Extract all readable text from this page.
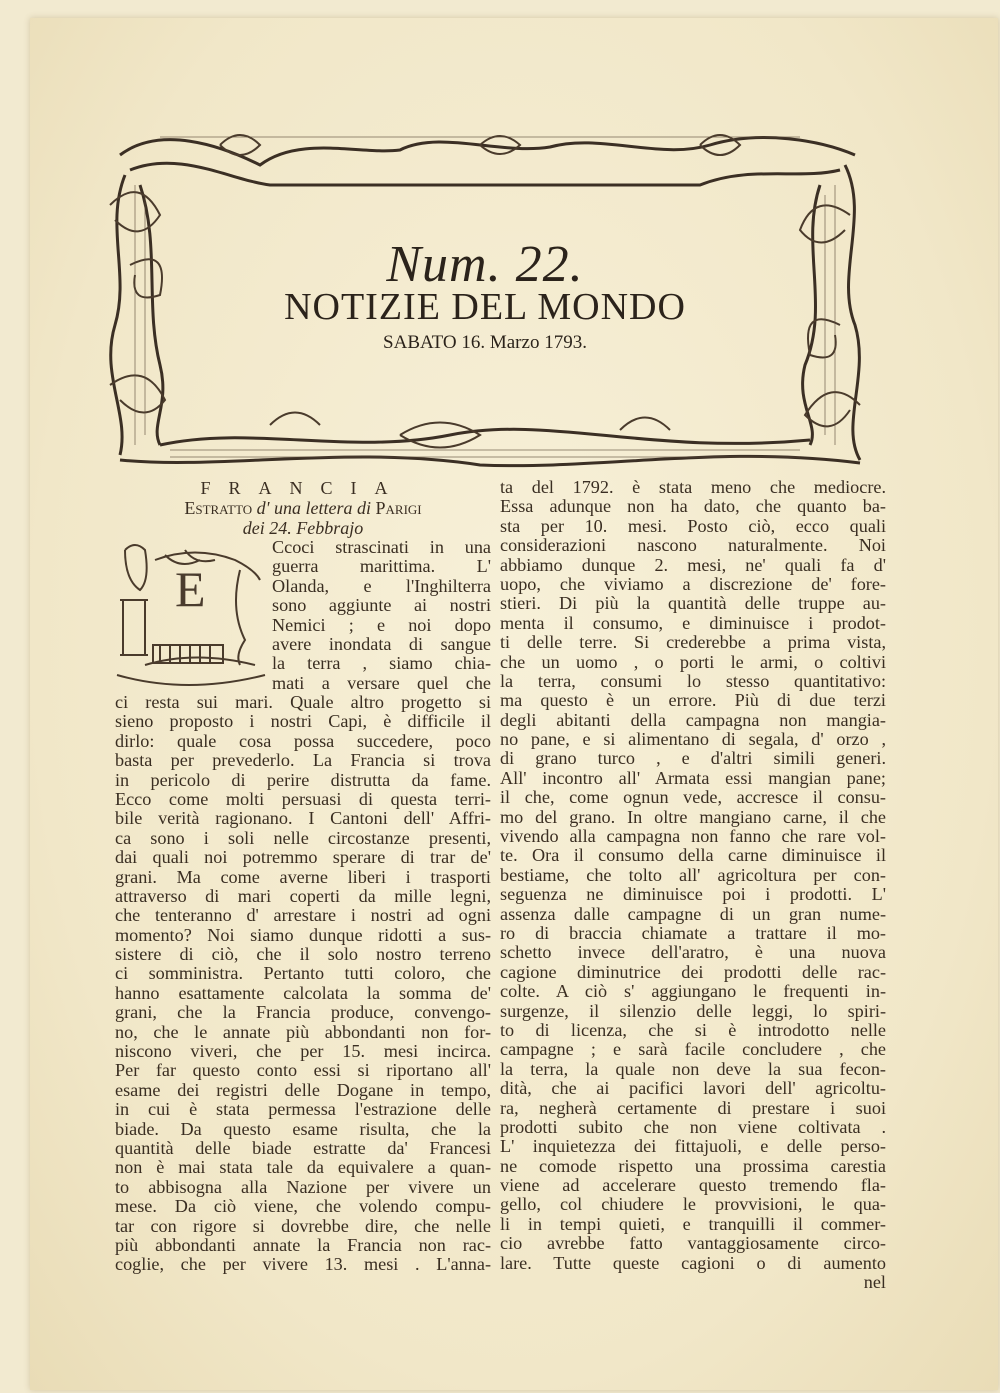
Num. 22.
NOTIZIE DEL MONDO
SABATO 16. Marzo 1793.
FRANCIA
Estratto d' una lettera di Parigi
dei 24. Febbrajo
E
Ccoci strascinati in una
guerra marittima. L'
Olanda, e l'Inghilterra
sono aggiunte ai nostri
Nemici ; e noi dopo
avere inondata di sangue
la terra , siamo chia-
mati a versare quel che
ci resta sui mari. Quale altro progetto si
sieno proposto i nostri Capi, è difficile il
dirlo: quale cosa possa succedere, poco
basta per prevederlo. La Francia si trova
in pericolo di perire distrutta da fame.
Ecco come molti persuasi di questa terri-
bile verità ragionano. I Cantoni dell' Affri-
ca sono i soli nelle circostanze presenti,
dai quali noi potremmo sperare di trar de'
grani. Ma come averne liberi i trasporti
attraverso di mari coperti da mille legni,
che tenteranno d' arrestare i nostri ad ogni
momento? Noi siamo dunque ridotti a sus-
sistere di ciò, che il solo nostro terreno
ci somministra. Pertanto tutti coloro, che
hanno esattamente calcolata la somma de'
grani, che la Francia produce, convengo-
no, che le annate più abbondanti non for-
niscono viveri, che per 15. mesi incirca.
Per far questo conto essi si riportano all'
esame dei registri delle Dogane in tempo,
in cui è stata permessa l'estrazione delle
biade. Da questo esame risulta, che la
quantità delle biade estratte da' Francesi
non è mai stata tale da equivalere a quan-
to abbisogna alla Nazione per vivere un
mese. Da ciò viene, che volendo compu-
tar con rigore si dovrebbe dire, che nelle
più abbondanti annate la Francia non rac-
coglie, che per vivere 13. mesi . L'anna-
ta del 1792. è stata meno che mediocre.
Essa adunque non ha dato, che quanto ba-
sta per 10. mesi. Posto ciò, ecco quali
considerazioni nascono naturalmente. Noi
abbiamo dunque 2. mesi, ne' quali fa d'
uopo, che viviamo a discrezione de' fore-
stieri. Di più la quantità delle truppe au-
menta il consumo, e diminuisce i prodot-
ti delle terre. Si crederebbe a prima vista,
che un uomo , o porti le armi, o coltivi
la terra, consumi lo stesso quantitativo:
ma questo è un errore. Più di due terzi
degli abitanti della campagna non mangia-
no pane, e si alimentano di segala, d' orzo ,
di grano turco , e d'altri simili generi.
All' incontro all' Armata essi mangian pane;
il che, come ognun vede, accresce il consu-
mo del grano. In oltre mangiano carne, il che
vivendo alla campagna non fanno che rare vol-
te. Ora il consumo della carne diminuisce il
bestiame, che tolto all' agricoltura per con-
seguenza ne diminuisce poi i prodotti. L'
assenza dalle campagne di un gran nume-
ro di braccia chiamate a trattare il mo-
schetto invece dell'aratro, è una nuova
cagione diminutrice dei prodotti delle rac-
colte. A ciò s' aggiungano le frequenti in-
surgenze, il silenzio delle leggi, lo spiri-
to di licenza, che si è introdotto nelle
campagne ; e sarà facile concludere , che
la terra, la quale non deve la sua fecon-
dità, che ai pacifici lavori dell' agricoltu-
ra, negherà certamente di prestare i suoi
prodotti subito che non viene coltivata .
L' inquietezza dei fittajuoli, e delle perso-
ne comode rispetto una prossima carestia
viene ad accelerare questo tremendo fla-
gello, col chiudere le provvisioni, le qua-
li in tempi quieti, e tranquilli il commer-
cio avrebbe fatto vantaggiosamente circo-
lare. Tutte queste cagioni o di aumento
nel
